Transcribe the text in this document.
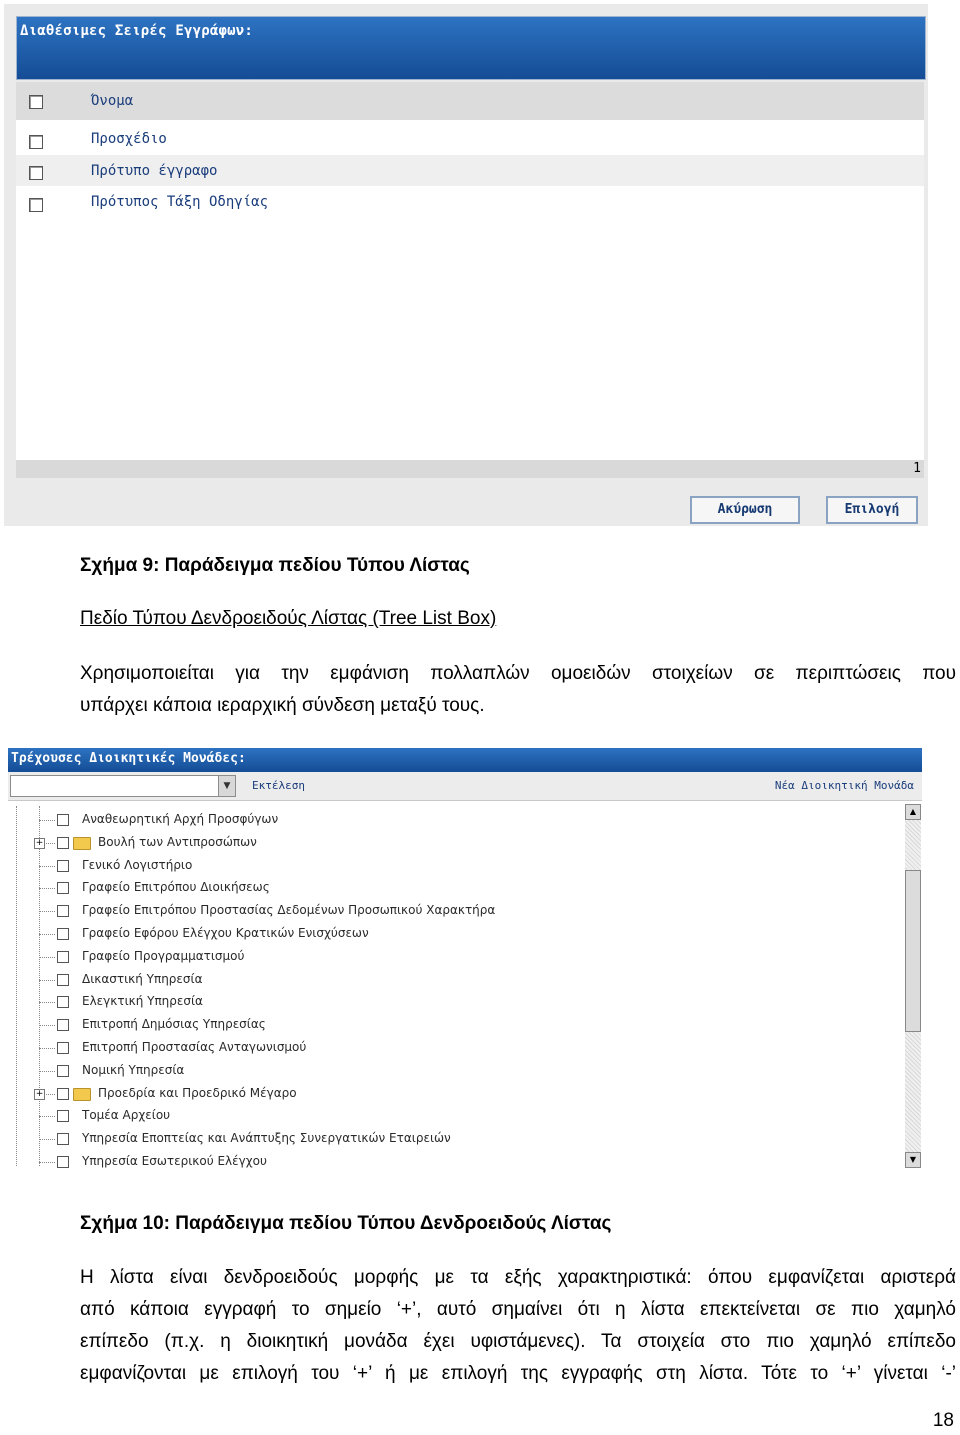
Διαθέσιμες Σειρές Εγγράφων:
Όνομα
Προσχέδιο
Πρότυπο έγγραφο
Πρότυπος Τάξη Οδηγίας
1
Ακύρωση	Επιλογή
Σχήμα 9: Παράδειγμα πεδίου Τύπου Λίστας
Πεδίο Τύπου Δενδροειδούς Λίστας (Tree List Box)
Χρησιμοποιείται για την εμφάνιση πολλαπλών ομοειδών στοιχείων σε περιπτώσεις που
υπάρχει κάποια ιεραρχική σύνδεση μεταξύ τους.
Τρέχουσες Διοικητικές Μονάδες:
▼	Εκτέλεση	Νέα Διοικητική Μονάδα
Αναθεωρητική Αρχή Προσφύγων
+	Βουλή των Αντιπροσώπων
Γενικό Λογιστήριο
Γραφείο Επιτρόπου Διοικήσεως
Γραφείο Επιτρόπου Προστασίας Δεδομένων Προσωπικού Χαρακτήρα
Γραφείο Εφόρου Ελέγχου Κρατικών Ενισχύσεων
Γραφείο Προγραμματισμού
Δικαστική Υπηρεσία
Ελεγκτική Υπηρεσία
Επιτροπή Δημόσιας Υπηρεσίας
Επιτροπή Προστασίας Ανταγωνισμού
Νομική Υπηρεσία
+	Προεδρία και Προεδρικό Μέγαρο
Τομέα Αρχείου
Υπηρεσία Εποπτείας και Ανάπτυξης Συνεργατικών Εταιρειών
Υπηρεσία Εσωτερικού Ελέγχου
▲
▼
Σχήμα 10: Παράδειγμα πεδίου Τύπου Δενδροειδούς Λίστας
Η λίστα είναι δενδροειδούς μορφής με τα εξής χαρακτηριστικά: όπου εμφανίζεται αριστερά
από κάποια εγγραφή το σημείο ‘+’, αυτό σημαίνει ότι η λίστα επεκτείνεται σε πιο χαμηλό
επίπεδο (π.χ. η διοικητική μονάδα έχει υφιστάμενες). Τα στοιχεία στο πιο χαμηλό επίπεδο
εμφανίζονται με επιλογή του ‘+’ ή με επιλογή της εγγραφής στη λίστα. Τότε το ‘+’ γίνεται ‘-’
18
